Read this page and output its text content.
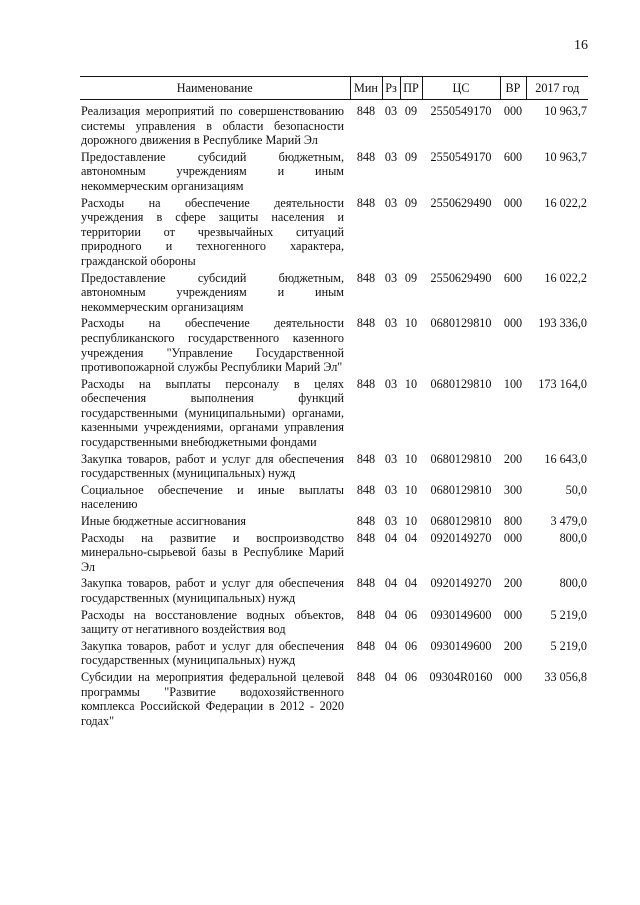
16
Наименование	Мин	Рз	ПР	ЦС	ВР	2017 год
Реализация мероприятий по совершенствованию системы управления в области безопасности дорожного движения в Республике Марий Эл	848	03	09	2550549170	000	10 963,7
Предоставление субсидий бюджетным, автономным учреждениям и иным некоммерческим организациям	848	03	09	2550549170	600	10 963,7
Расходы на обеспечение деятельности учреждения в сфере защиты населения и территории от чрезвычайных ситуаций природного и техногенного характера, гражданской обороны	848	03	09	2550629490	000	16 022,2
Предоставление субсидий бюджетным, автономным учреждениям и иным некоммерческим организациям	848	03	09	2550629490	600	16 022,2
Расходы на обеспечение деятельности республиканского государственного казенного учреждения "Управление Государственной противопожарной службы Республики Марий Эл"	848	03	10	0680129810	000	193 336,0
Расходы на выплаты персоналу в целях обеспечения выполнения функций государственными (муниципальными) органами, казенными учреждениями, органами управления государственными внебюджетными фондами	848	03	10	0680129810	100	173 164,0
Закупка товаров, работ и услуг для обеспечения государственных (муниципальных) нужд	848	03	10	0680129810	200	16 643,0
Социальное обеспечение и иные выплаты населению	848	03	10	0680129810	300	50,0
Иные бюджетные ассигнования	848	03	10	0680129810	800	3 479,0
Расходы на развитие и воспроизводство минерально-сырьевой базы в Республике Марий Эл	848	04	04	0920149270	000	800,0
Закупка товаров, работ и услуг для обеспечения государственных (муниципальных) нужд	848	04	04	0920149270	200	800,0
Расходы на восстановление водных объектов, защиту от негативного воздействия вод	848	04	06	0930149600	000	5 219,0
Закупка товаров, работ и услуг для обеспечения государственных (муниципальных) нужд	848	04	06	0930149600	200	5 219,0
Субсидии на мероприятия федеральной целевой программы "Развитие водохозяйственного комплекса Российской Федерации в 2012 - 2020 годах"	848	04	06	09304R0160	000	33 056,8
